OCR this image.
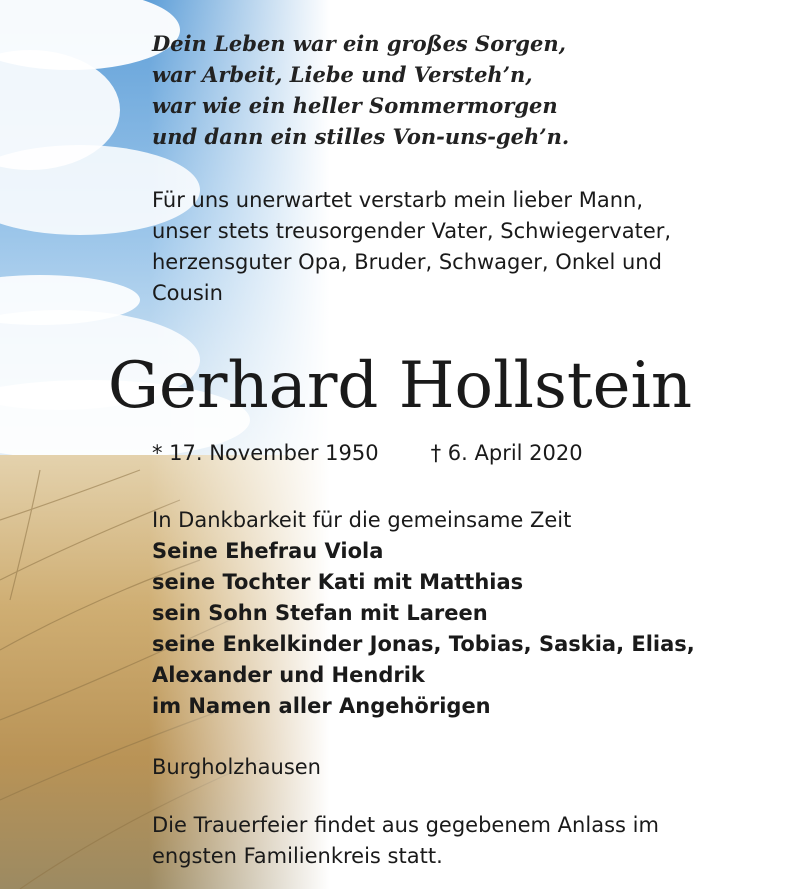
Dein Leben war ein großes Sorgen,
war Arbeit, Liebe und Versteh’n,
war wie ein heller Sommermorgen
und dann ein stilles Von-uns-geh’n.
Für uns unerwartet verstarb mein lieber Mann,
unser stets treusorgender Vater, Schwiegervater,
herzensguter Opa, Bruder, Schwager, Onkel und
Cousin
Gerhard Hollstein
* 17. November 1950 † 6. April 2020
In Dankbarkeit für die gemeinsame Zeit
Seine Ehefrau Viola
seine Tochter Kati mit Matthias
sein Sohn Stefan mit Lareen
seine Enkelkinder Jonas, Tobias, Saskia, Elias,
Alexander und Hendrik
im Namen aller Angehörigen
Burgholzhausen
Die Trauerfeier findet aus gegebenem Anlass im
engsten Familienkreis statt.
